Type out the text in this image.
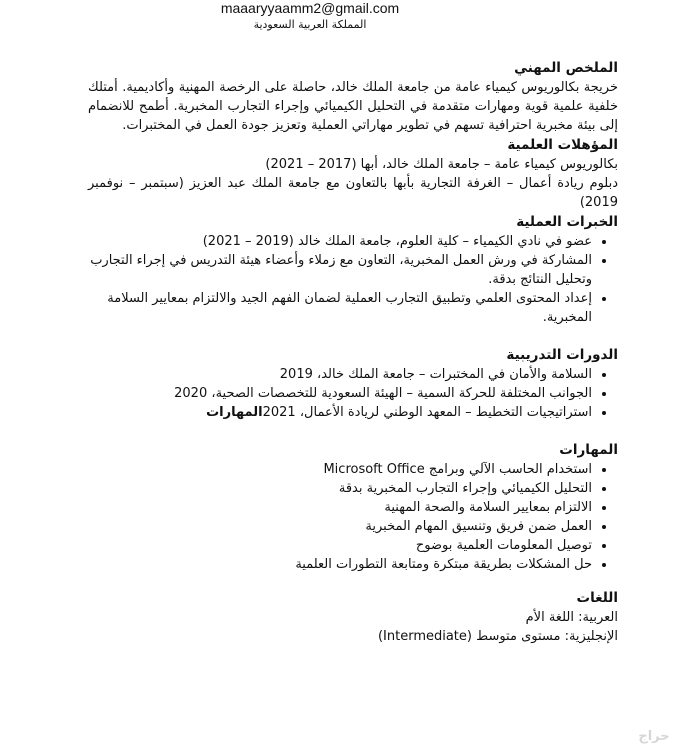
maaaryyaamm2@gmail.com
المملكة العربية السعودية
الملخص المهني

خريجة بكالوريوس كيمياء عامة من جامعة الملك خالد، حاصلة على الرخصة المهنية وأكاديمية. أمتلك خلفية علمية قوية ومهارات متقدمة في التحليل الكيميائي وإجراء التجارب المخبرية. أطمح للانضمام إلى بيئة مخبرية احترافية تسهم في تطوير مهاراتي العملية وتعزيز جودة العمل في المختبرات.

المؤهلات العلمية

بكالوريوس كيمياء عامة – جامعة الملك خالد، أبها (2017 – 2021)

دبلوم ريادة أعمال – الغرفة التجارية بأبها بالتعاون مع جامعة الملك عبد العزيز (سبتمبر – نوفمبر 2019)

الخبرات العملية
• عضو في نادي الكيمياء – كلية العلوم، جامعة الملك خالد (2019 – 2021)
• المشاركة في ورش العمل المخبرية، التعاون مع زملاء وأعضاء هيئة التدريس في إجراء التجارب وتحليل النتائج بدقة.
• إعداد المحتوى العلمي وتطبيق التجارب العملية لضمان الفهم الجيد والالتزام بمعايير السلامة المخبرية.
الدورات التدريبية
• السلامة والأمان في المختبرات – جامعة الملك خالد، 2019
• الجوانب المختلفة للحركة السمية – الهيئة السعودية للتخصصات الصحية، 2020
• استراتيجيات التخطيط – المعهد الوطني لريادة الأعمال، 2021المهارات
المهارات
• استخدام الحاسب الآلي وبرامج Microsoft Office
• التحليل الكيميائي وإجراء التجارب المخبرية بدقة
• الالتزام بمعايير السلامة والصحة المهنية
• العمل ضمن فريق وتنسيق المهام المخبرية
• توصيل المعلومات العلمية بوضوح
• حل المشكلات بطريقة مبتكرة ومتابعة التطورات العلمية
اللغات

العربية: اللغة الأم

الإنجليزية: مستوى متوسط (Intermediate)

حراج
